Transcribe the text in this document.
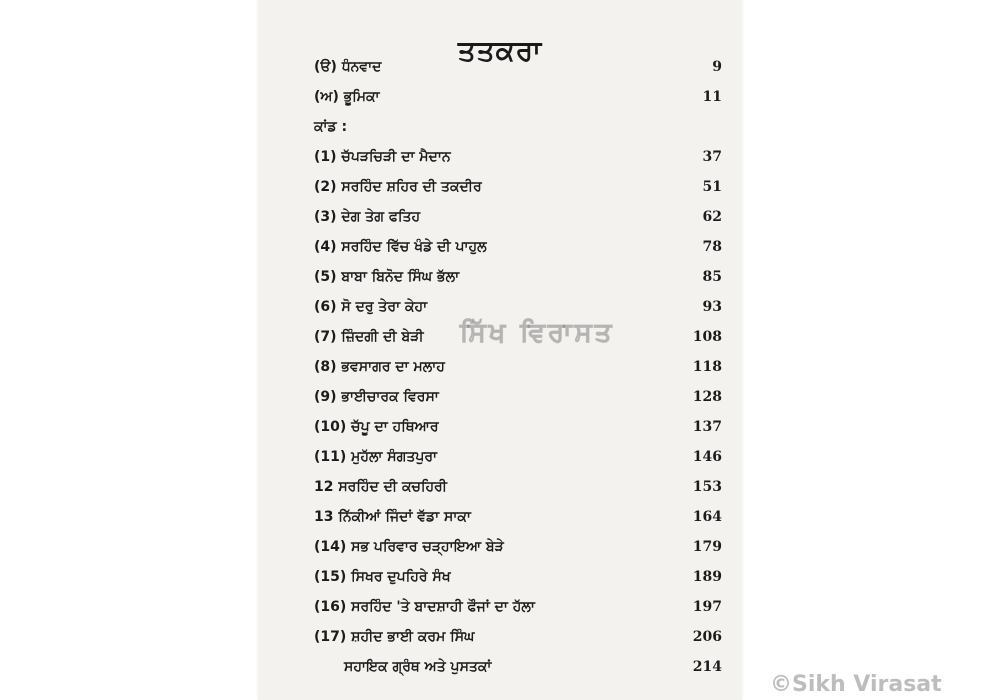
ਸਿੱਖ ਵਿਰਾਸਤ
ਤਤਕਰਾ
(ੳ) ਧੰਨਵਾਦ	9
(ਅ) ਭੂਮਿਕਾ	11
ਕਾਂਡ :
(1) ਚੱਪੜਚਿੜੀ ਦਾ ਮੈਦਾਨ	37
(2) ਸਰਹਿੰਦ ਸ਼ਹਿਰ ਦੀ ਤਕਦੀਰ	51
(3) ਦੇਗ ਤੇਗ ਫਤਿਹ	62
(4) ਸਰਹਿੰਦ ਵਿੱਚ ਖੰਡੇ ਦੀ ਪਾਹੁਲ	78
(5) ਬਾਬਾ ਬਿਨੋਦ ਸਿੰਘ ਭੱਲਾ	85
(6) ਸੋ ਦਰੁ ਤੇਰਾ ਕੇਹਾ	93
(7) ਜ਼ਿੰਦਗੀ ਦੀ ਬੇੜੀ	108
(8) ਭਵਸਾਗਰ ਦਾ ਮਲਾਹ	118
(9) ਭਾਈਚਾਰਕ ਵਿਰਸਾ	128
(10) ਚੱਪੂ ਦਾ ਹਥਿਆਰ	137
(11) ਮੁਹੱਲਾ ਸੰਗਤਪੁਰਾ	146
12 ਸਰਹਿੰਦ ਦੀ ਕਚਹਿਰੀ	153
13 ਨਿੱਕੀਆਂ ਜਿੰਦਾਂ ਵੱਡਾ ਸਾਕਾ	164
(14) ਸਭ ਪਰਿਵਾਰ ਚੜ੍ਹਾਇਆ ਬੇੜੇ	179
(15) ਸਿਖਰ ਦੁਪਹਿਰੇ ਸੰਖ	189
(16) ਸਰਹਿੰਦ 'ਤੇ ਬਾਦਸ਼ਾਹੀ ਫੌਜਾਂ ਦਾ ਹੱਲਾ	197
(17) ਸ਼ਹੀਦ ਭਾਈ ਕਰਮ ਸਿੰਘ	206
ਸਹਾਇਕ ਗ੍ਰੰਥ ਅਤੇ ਪੁਸਤਕਾਂ	214
©Sikh Virasat
